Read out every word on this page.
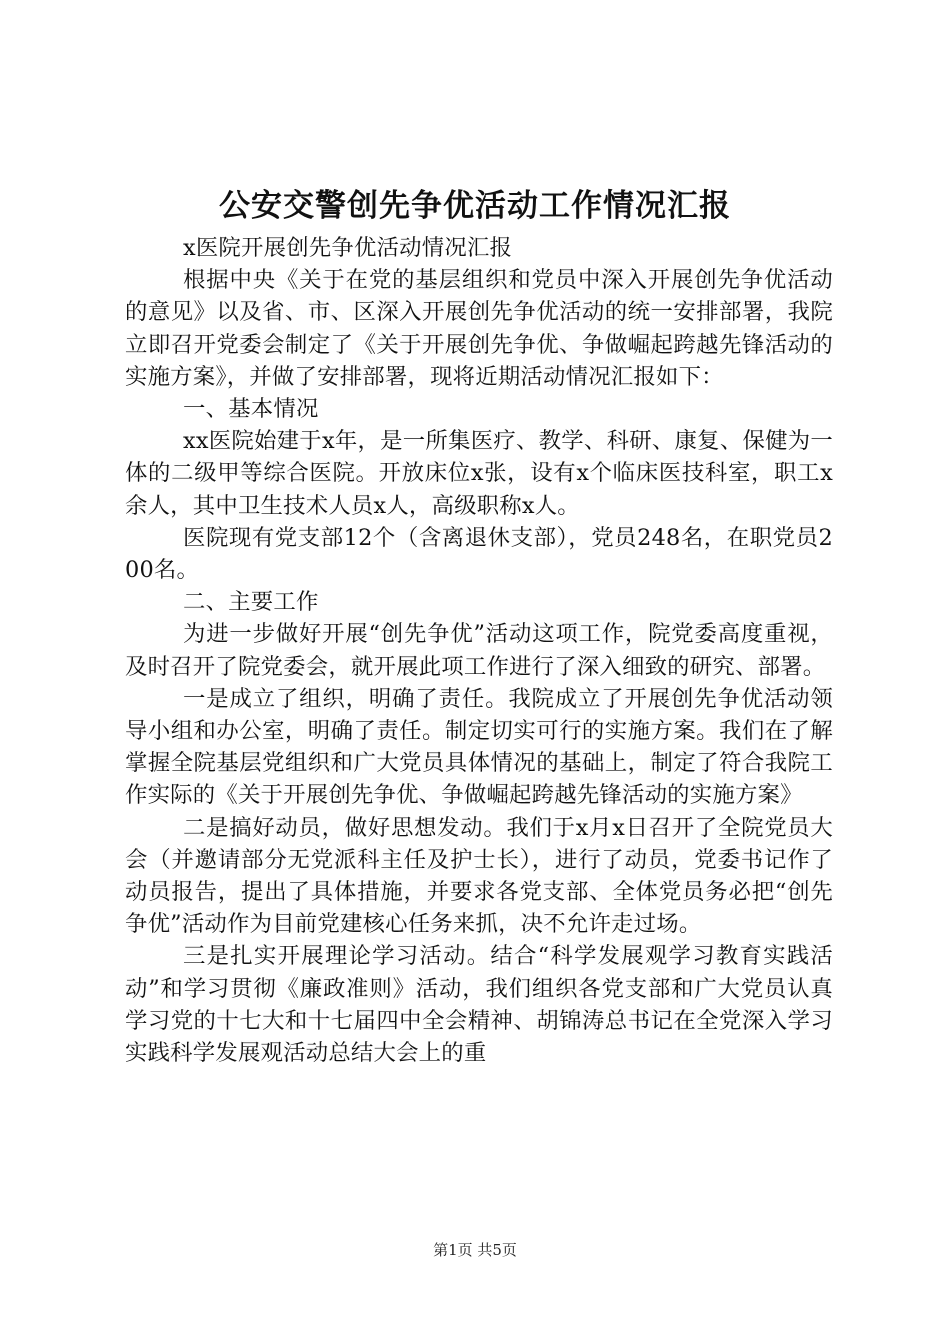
公安交警创先争优活动工作情况汇报

x医院开展创先争优活动情况汇报

根据中央《关于在党的基层组织和党员中深入开展创先争优活动的意见》以及省、市、区深入开展创先争优活动的统一安排部署，我院立即召开党委会制定了《关于开展创先争优、争做崛起跨越先锋活动的实施方案》，并做了安排部署，现将近期活动情况汇报如下：

一、基本情况

xx医院始建于x年，是一所集医疗、教学、科研、康复、保健为一体的二级甲等综合医院。开放床位x张，设有x个临床医技科室，职工x余人，其中卫生技术人员x人，高级职称x人。

医院现有党支部12个（含离退休支部），党员248名，在职党员200名。

二、主要工作

为进一步做好开展“创先争优”活动这项工作，院党委高度重视，及时召开了院党委会，就开展此项工作进行了深入细致的研究、部署。

一是成立了组织，明确了责任。我院成立了开展创先争优活动领导小组和办公室，明确了责任。制定切实可行的实施方案。我们在了解掌握全院基层党组织和广大党员具体情况的基础上，制定了符合我院工作实际的《关于开展创先争优、争做崛起跨越先锋活动的实施方案》

二是搞好动员，做好思想发动。我们于x月x日召开了全院党员大会（并邀请部分无党派科主任及护士长），进行了动员，党委书记作了动员报告，提出了具体措施，并要求各党支部、全体党员务必把“创先争优”活动作为目前党建核心任务来抓，决不允许走过场。

三是扎实开展理论学习活动。结合“科学发展观学习教育实践活动”和学习贯彻《廉政准则》活动，我们组织各党支部和广大党员认真学习党的十七大和十七届四中全会精神、胡锦涛总书记在全党深入学习实践科学发展观活动总结大会上的重

第1页 共5页
